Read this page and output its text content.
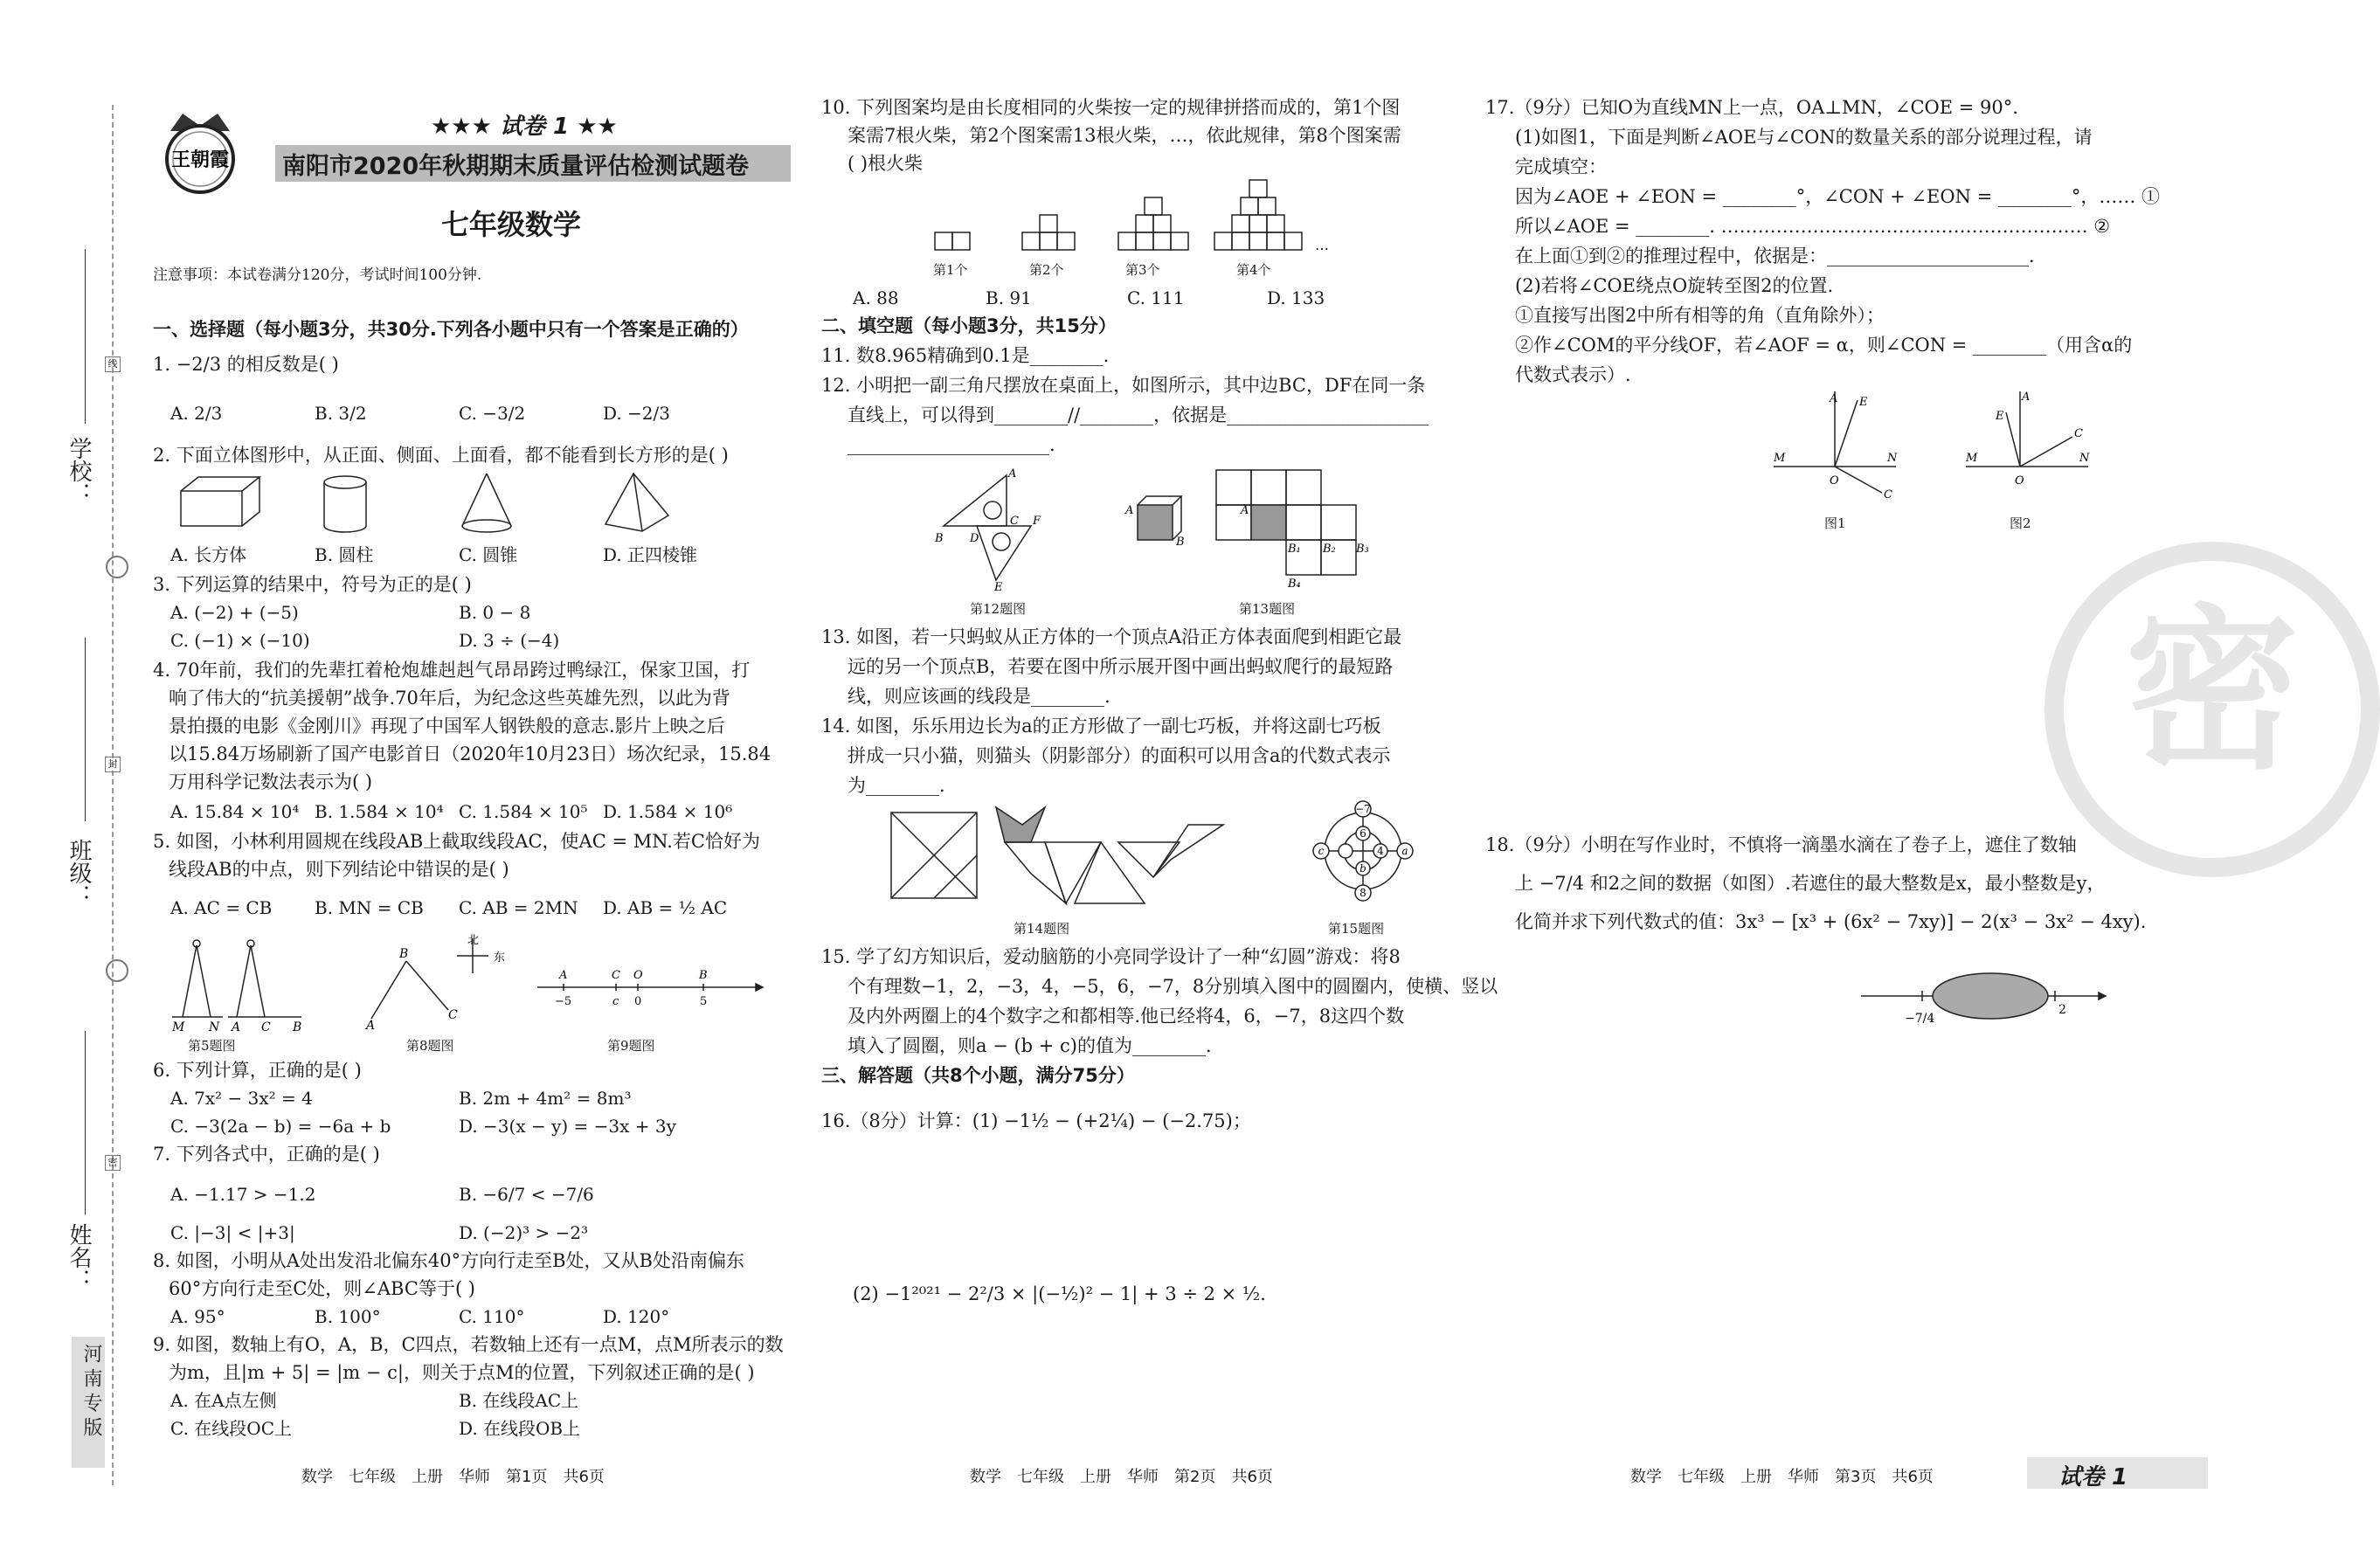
学校：
班级：
姓名：
线
封
密
河南专版
王朝霞
★★★ 试卷 1 ★★
南阳市2020年秋期期末质量评估检测试题卷
七年级数学
注意事项：本试卷满分120分，考试时间100分钟.
一、选择题（每小题3分，共30分.下列各小题中只有一个答案是正确的）
1. −2/3 的相反数是( )
A. 2/3	B. 3/2	C. −3/2	D. −2/3
2. 下面立体图形中，从正面、侧面、上面看，都不能看到长方形的是( )
A. 长方体	B. 圆柱	C. 圆锥	D. 正四棱锥
3. 下列运算的结果中，符号为正的是( )
A. (−2) + (−5)	B. 0 − 8
C. (−1) × (−10)	D. 3 ÷ (−4)
4. 70年前，我们的先辈扛着枪炮雄赳赳气昂昂跨过鸭绿江，保家卫国，打
响了伟大的“抗美援朝”战争.70年后，为纪念这些英雄先烈，以此为背
景拍摄的电影《金刚川》再现了中国军人钢铁般的意志.影片上映之后
以15.84万场刷新了国产电影首日（2020年10月23日）场次纪录，15.84
万用科学记数法表示为( )
A. 15.84 × 10⁴ B. 1.584 × 10⁴ C. 1.584 × 10⁵ D. 1.584 × 10⁶
5. 如图，小林利用圆规在线段AB上截取线段AC，使AC = MN.若C恰好为
线段AB的中点，则下列结论中错误的是( )
A. AC = CB B. MN = CB C. AB = 2MN D. AB = ½ AC
M N A C B
北
东
A
B
C
A	C O	B
−5	c 0	5
第5题图	第8题图	第9题图
6. 下列计算，正确的是( )
A. 7x² − 3x² = 4	B. 2m + 4m² = 8m³
C. −3(2a − b) = −6a + b	D. −3(x − y) = −3x + 3y
7. 下列各式中，正确的是( )
A. −1.17 > −1.2	B. −6/7 < −7/6
C. |−3| < |+3|	D. (−2)³ > −2³
8. 如图，小明从A处出发沿北偏东40°方向行走至B处，又从B处沿南偏东
60°方向行走至C处，则∠ABC等于( )
A. 95°	B. 100°	C. 110°	D. 120°
9. 如图，数轴上有O，A，B，C四点，若数轴上还有一点M，点M所表示的数
为m，且|m + 5| = |m − c|，则关于点M的位置，下列叙述正确的是( )
A. 在A点左侧	B. 在线段AC上
C. 在线段OC上	D. 在线段OB上
数学　七年级　上册　华师　第1页　共6页
10. 下列图案均是由长度相同的火柴按一定的规律拼搭而成的，第1个图
案需7根火柴，第2个图案需13根火柴，…，依此规律，第8个图案需
( )根火柴
…
第1个	第2个	第3个	第4个
A. 88	B. 91	C. 111	D. 133
二、填空题（每小题3分，共15分）
11. 数8.965精确到0.1是________.
12. 小明把一副三角尺摆放在桌面上，如图所示，其中边BC，DF在同一条
直线上，可以得到________//________，依据是______________________
______________________.
A
B
C
D
F
E
A
B
A
B₁ B₂ B₃
B₄
第12题图	第13题图
13. 如图，若一只蚂蚁从正方体的一个顶点A沿正方体表面爬到相距它最
远的另一个顶点B，若要在图中所示展开图中画出蚂蚁爬行的最短路
线，则应该画的线段是________.
14. 如图，乐乐用边长为a的正方形做了一副七巧板，并将这副七巧板
拼成一只小猫，则猫头（阴影部分）的面积可以用含a的代数式表示
为________.
−7
8
c	a
6
b
4
第14题图	第15题图
15. 学了幻方知识后，爱动脑筋的小亮同学设计了一种“幻圆”游戏：将8
个有理数−1，2，−3，4，−5，6，−7，8分别填入图中的圆圈内，使横、竖以
及内外两圈上的4个数字之和都相等.他已经将4，6，−7，8这四个数
填入了圆圈，则a − (b + c)的值为________.
三、解答题（共8个小题，满分75分）
16.（8分）计算：(1) −1½ − (+2¼) − (−2.75)；
(2) −1²⁰²¹ − 2²/3 × |(−½)² − 1| + 3 ÷ 2 × ½.
数学　七年级　上册　华师　第2页　共6页
17.（9分）已知O为直线MN上一点，OA⊥MN，∠COE = 90°.
(1)如图1，下面是判断∠AOE与∠CON的数量关系的部分说理过程，请
完成填空：
因为∠AOE + ∠EON = ________°，∠CON + ∠EON = ________°，…… ①
所以∠AOE = ________. …………………………………………………… ②
在上面①到②的推理过程中，依据是：______________________.
(2)若将∠COE绕点O旋转至图2的位置.
①直接写出图2中所有相等的角（直角除外）；
②作∠COM的平分线OF，若∠AOF = α，则∠CON = ________（用含α的
代数式表示）.
M	N
O
A E
C
M	N
O
A
E
C
图1	图2
密
18.（9分）小明在写作业时，不慎将一滴墨水滴在了卷子上，遮住了数轴
上 −7/4 和2之间的数据（如图）.若遮住的最大整数是x，最小整数是y，
化简并求下列代数式的值：3x³ − [x³ + (6x² − 7xy)] − 2(x³ − 3x² − 4xy).
−7/4
2
数学　七年级　上册　华师　第3页　共6页	试卷 1
